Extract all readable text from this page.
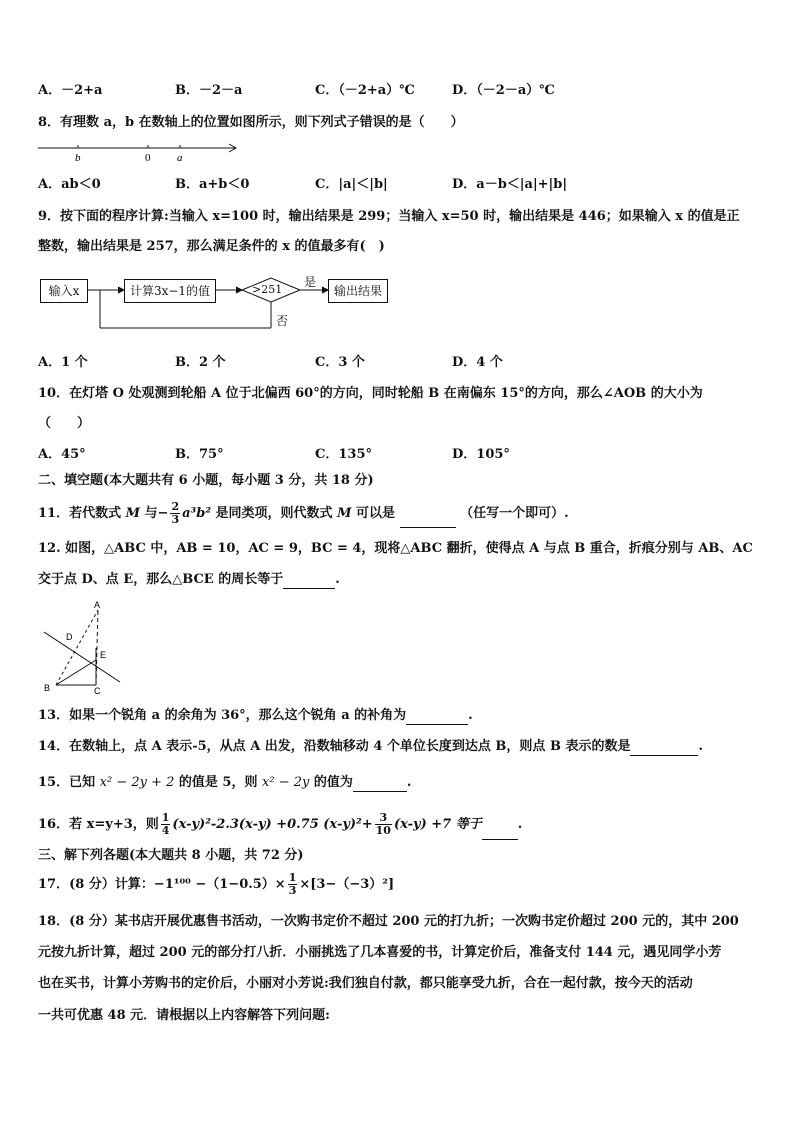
A．－2+a	B．－2－a	C．（－2+a）℃	D．（－2－a）℃
8．有理数 a，b 在数轴上的位置如图所示，则下列式子错误的是（　　）
b	0 a
A．ab＜0	B．a+b＜0	C．|a|＜|b|	D．a－b＜|a|+|b|
9．按下面的程序计算:当输入 x=100 时，输出结果是 299；当输入 x=50 时，输出结果是 446；如果输入 x 的值是正
整数，输出结果是 257，那么满足条件的 x 的值最多有(　)
输入x	计算3x−1的值	>251
是
否
输出结果
A．1 个	B．2 个	C．3 个	D．4 个
10．在灯塔 O 处观测到轮船 A 位于北偏西 60°的方向，同时轮船 B 在南偏东 15°的方向，那么∠AOB 的大小为
（　　）
A．45°	B．75°	C．135°	D．105°
二、填空题(本大题共有 6 小题，每小题 3 分，共 18 分)
11．若代数式 M 与− $\frac{2}{3} a^3b^2$ 是同类项，则代数式 M 可以是	（任写一个即可）.
12. 如图，△ABC 中，AB = 10，AC = 9，BC = 4，现将△ABC 翻折，使得点 A 与点 B 重合，折痕分别与 AB、AC
交于点 D、点 E，那么△BCE 的周长等于	.
A
D
E
B	C
13．如果一个锐角 a 的余角为 36°，那么这个锐角 a 的补角为	.
14．在数轴上，点 A 表示-5，从点 A 出发，沿数轴移动 4 个单位长度到达点 B，则点 B 表示的数是	.
15．已知 x² − 2y + 2 的值是 5，则 x² − 2y 的值为	.
16．若 x=y+3，则 $\frac{1}{4} (x-y)^2-2.3(x-y) +0.75$ $(x-y)^2+ \frac{3}{10} (x-y) +7$ 等于	.
三、解下列各题(本大题共 8 小题，共 72 分)
17．(8 分）计算：$-1^{100} -(1-0.5)\times \frac{1}{3} \times[3-(-3)^2]$
18．(8 分）某书店开展优惠售书活动，一次购书定价不超过 200 元的打九折；一次购书定价超过 200 元的，其中 200
元按九折计算，超过 200 元的部分打八折．小丽挑选了几本喜爱的书，计算定价后，准备支付 144 元，遇见同学小芳
也在买书，计算小芳购书的定价后，小丽对小芳说:我们独自付款，都只能享受九折，合在一起付款，按今天的活动
一共可优惠 48 元．请根据以上内容解答下列问题:
